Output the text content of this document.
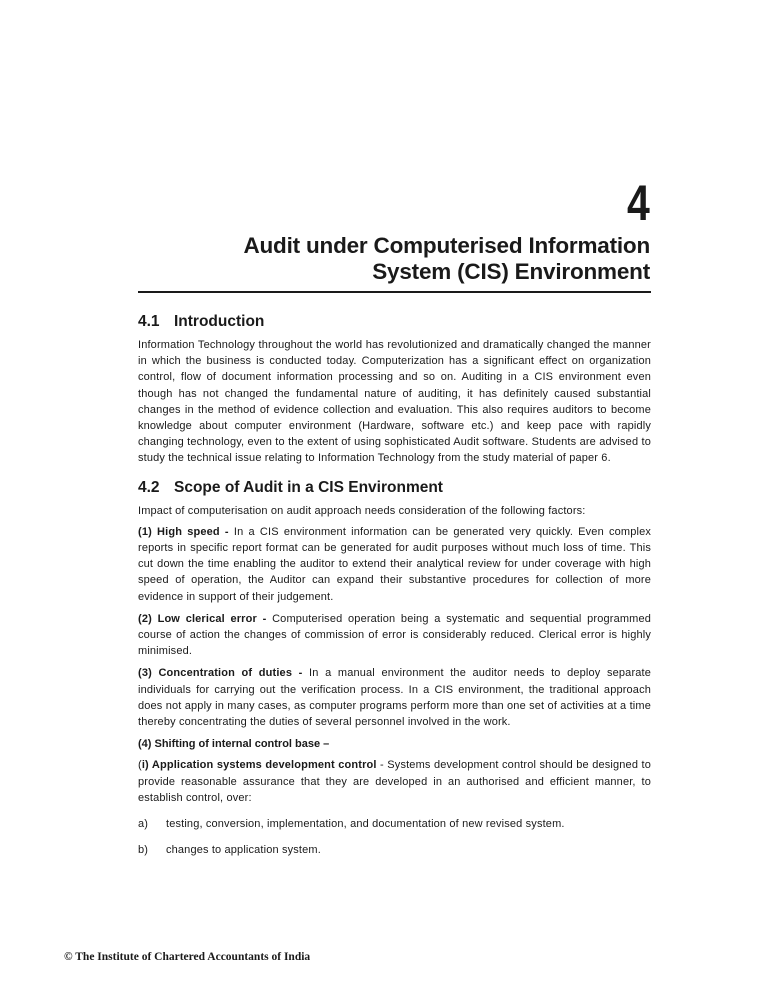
4
Audit under Computerised Information
System (CIS) Environment
4.1 Introduction

Information Technology throughout the world has revolutionized and dramatically changed the manner in which the business is conducted today. Computerization has a significant effect on organization control, flow of document information processing and so on. Auditing in a CIS environment even though has not changed the fundamental nature of auditing, it has definitely caused substantial changes in the method of evidence collection and evaluation. This also requires auditors to become knowledge about computer environment (Hardware, software etc.) and keep pace with rapidly changing technology, even to the extent of using sophisticated Audit software. Students are advised to study the technical issue relating to Information Technology from the study material of paper 6.

4.2 Scope of Audit in a CIS Environment

Impact of computerisation on audit approach needs consideration of the following factors:

(1) High speed - In a CIS environment information can be generated very quickly. Even complex reports in specific report format can be generated for audit purposes without much loss of time. This cut down the time enabling the auditor to extend their analytical review for under coverage with high speed of operation, the Auditor can expand their substantive procedures for collection of more evidence in support of their judgement.

(2) Low clerical error - Computerised operation being a systematic and sequential programmed course of action the changes of commission of error is considerably reduced. Clerical error is highly minimised.

(3) Concentration of duties - In a manual environment the auditor needs to deploy separate individuals for carrying out the verification process. In a CIS environment, the traditional approach does not apply in many cases, as computer programs perform more than one set of activities at a time thereby concentrating the duties of several personnel involved in the work.

(4) Shifting of internal control base –

(i) Application systems development control - Systems development control should be designed to provide reasonable assurance that they are developed in an authorised and efficient manner, to establish control, over:

a)	testing, conversion, implementation, and documentation of new revised system.
b)	changes to application system.
© The Institute of Chartered Accountants of India
